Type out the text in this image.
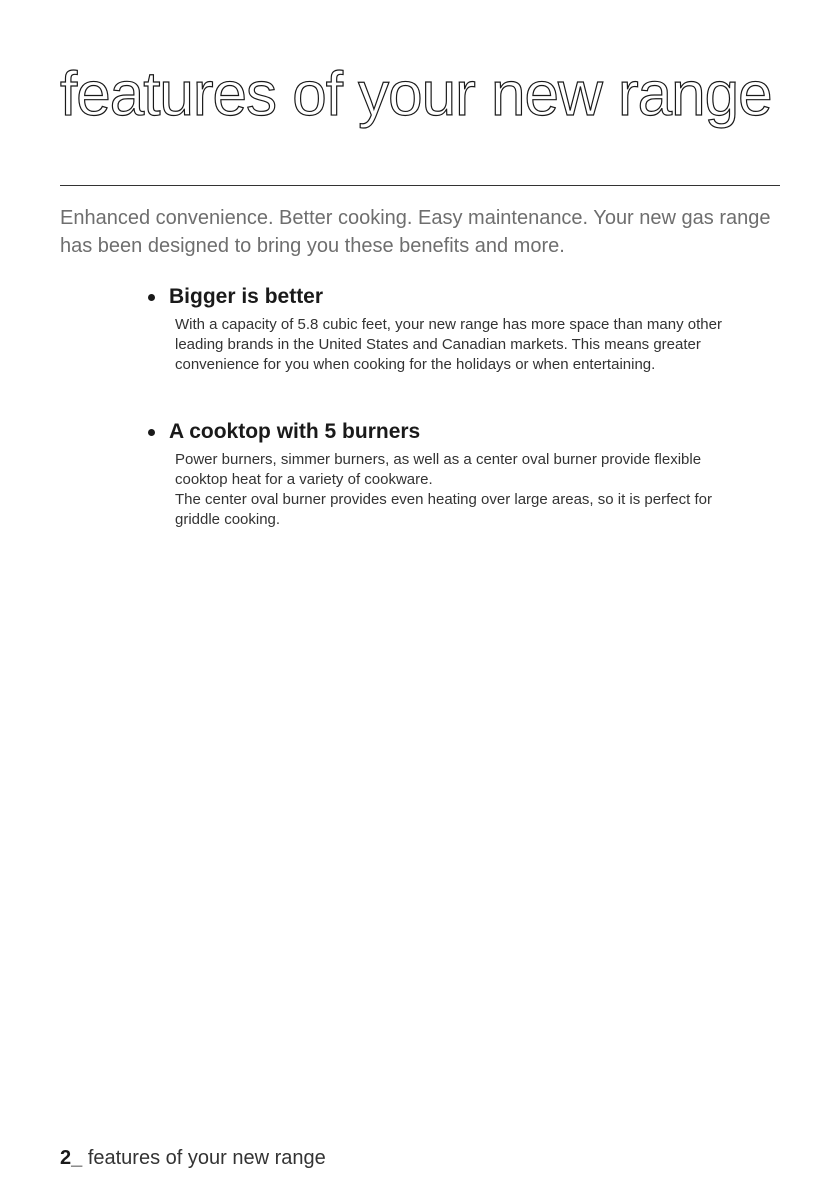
features of your new range

Enhanced convenience. Better cooking. Easy maintenance. Your new gas range has been designed to bring you these benefits and more.

Bigger is better

With a capacity of 5.8 cubic feet, your new range has more space than many other leading brands in the United States and Canadian markets. This means greater convenience for you when cooking for the holidays or when entertaining.

A cooktop with 5 burners

Power burners, simmer burners, as well as a center oval burner provide flexible cooktop heat for a variety of cookware.

The center oval burner provides even heating over large areas, so it is perfect for griddle cooking.

2_ features of your new range
